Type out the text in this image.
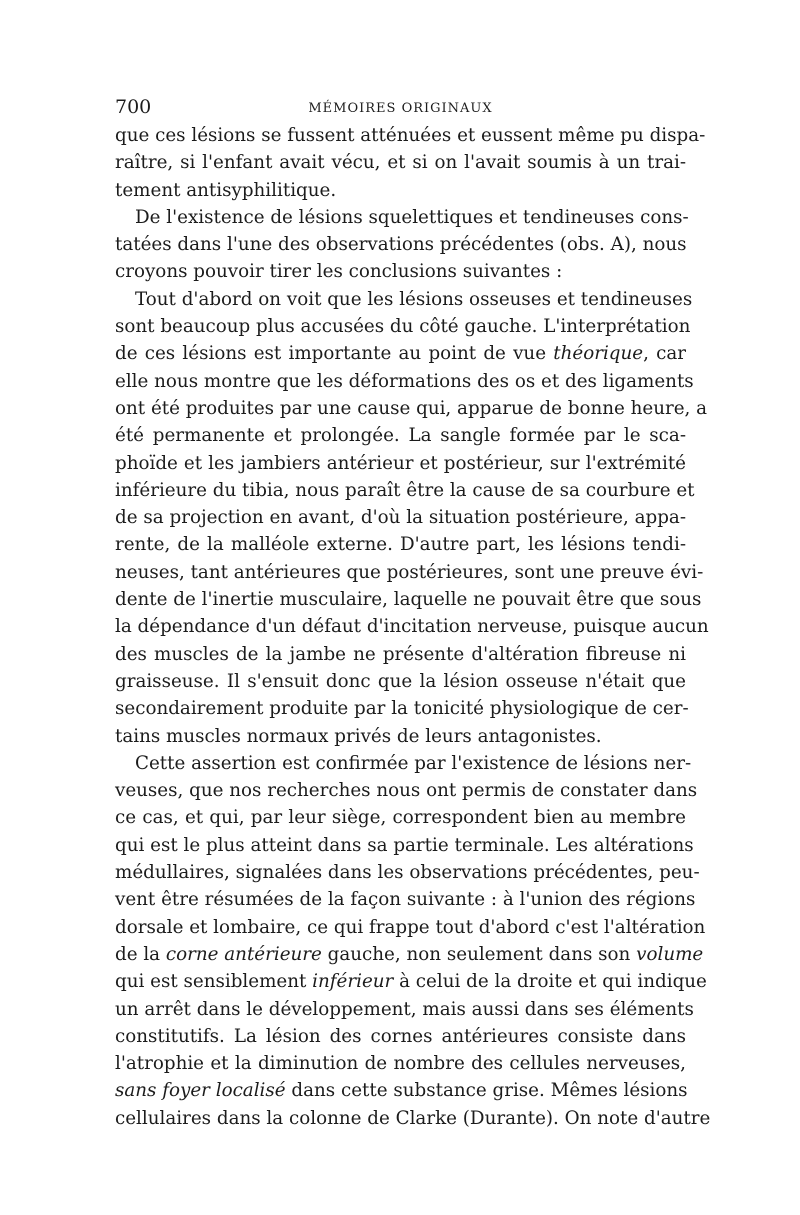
700	MÉMOIRES ORIGINAUX
que ces lésions se fussent atténuées et eussent même pu dispa-
raître, si l'enfant avait vécu, et si on l'avait soumis à un trai-
tement antisyphilitique.
De l'existence de lésions squelettiques et tendineuses cons-
tatées dans l'une des observations précédentes (obs. A), nous
croyons pouvoir tirer les conclusions suivantes :
Tout d'abord on voit que les lésions osseuses et tendineuses
sont beaucoup plus accusées du côté gauche. L'interprétation
de ces lésions est importante au point de vue théorique, car
elle nous montre que les déformations des os et des ligaments
ont été produites par une cause qui, apparue de bonne heure, a
été permanente et prolongée. La sangle formée par le sca-
phoïde et les jambiers antérieur et postérieur, sur l'extrémité
inférieure du tibia, nous paraît être la cause de sa courbure et
de sa projection en avant, d'où la situation postérieure, appa-
rente, de la malléole externe. D'autre part, les lésions tendi-
neuses, tant antérieures que postérieures, sont une preuve évi-
dente de l'inertie musculaire, laquelle ne pouvait être que sous
la dépendance d'un défaut d'incitation nerveuse, puisque aucun
des muscles de la jambe ne présente d'altération fibreuse ni
graisseuse. Il s'ensuit donc que la lésion osseuse n'était que
secondairement produite par la tonicité physiologique de cer-
tains muscles normaux privés de leurs antagonistes.
Cette assertion est confirmée par l'existence de lésions ner-
veuses, que nos recherches nous ont permis de constater dans
ce cas, et qui, par leur siège, correspondent bien au membre
qui est le plus atteint dans sa partie terminale. Les altérations
médullaires, signalées dans les observations précédentes, peu-
vent être résumées de la façon suivante : à l'union des régions
dorsale et lombaire, ce qui frappe tout d'abord c'est l'altération
de la corne antérieure gauche, non seulement dans son volume
qui est sensiblement inférieur à celui de la droite et qui indique
un arrêt dans le développement, mais aussi dans ses éléments
constitutifs. La lésion des cornes antérieures consiste dans
l'atrophie et la diminution de nombre des cellules nerveuses,
sans foyer localisé dans cette substance grise. Mêmes lésions
cellulaires dans la colonne de Clarke (Durante). On note d'autre
